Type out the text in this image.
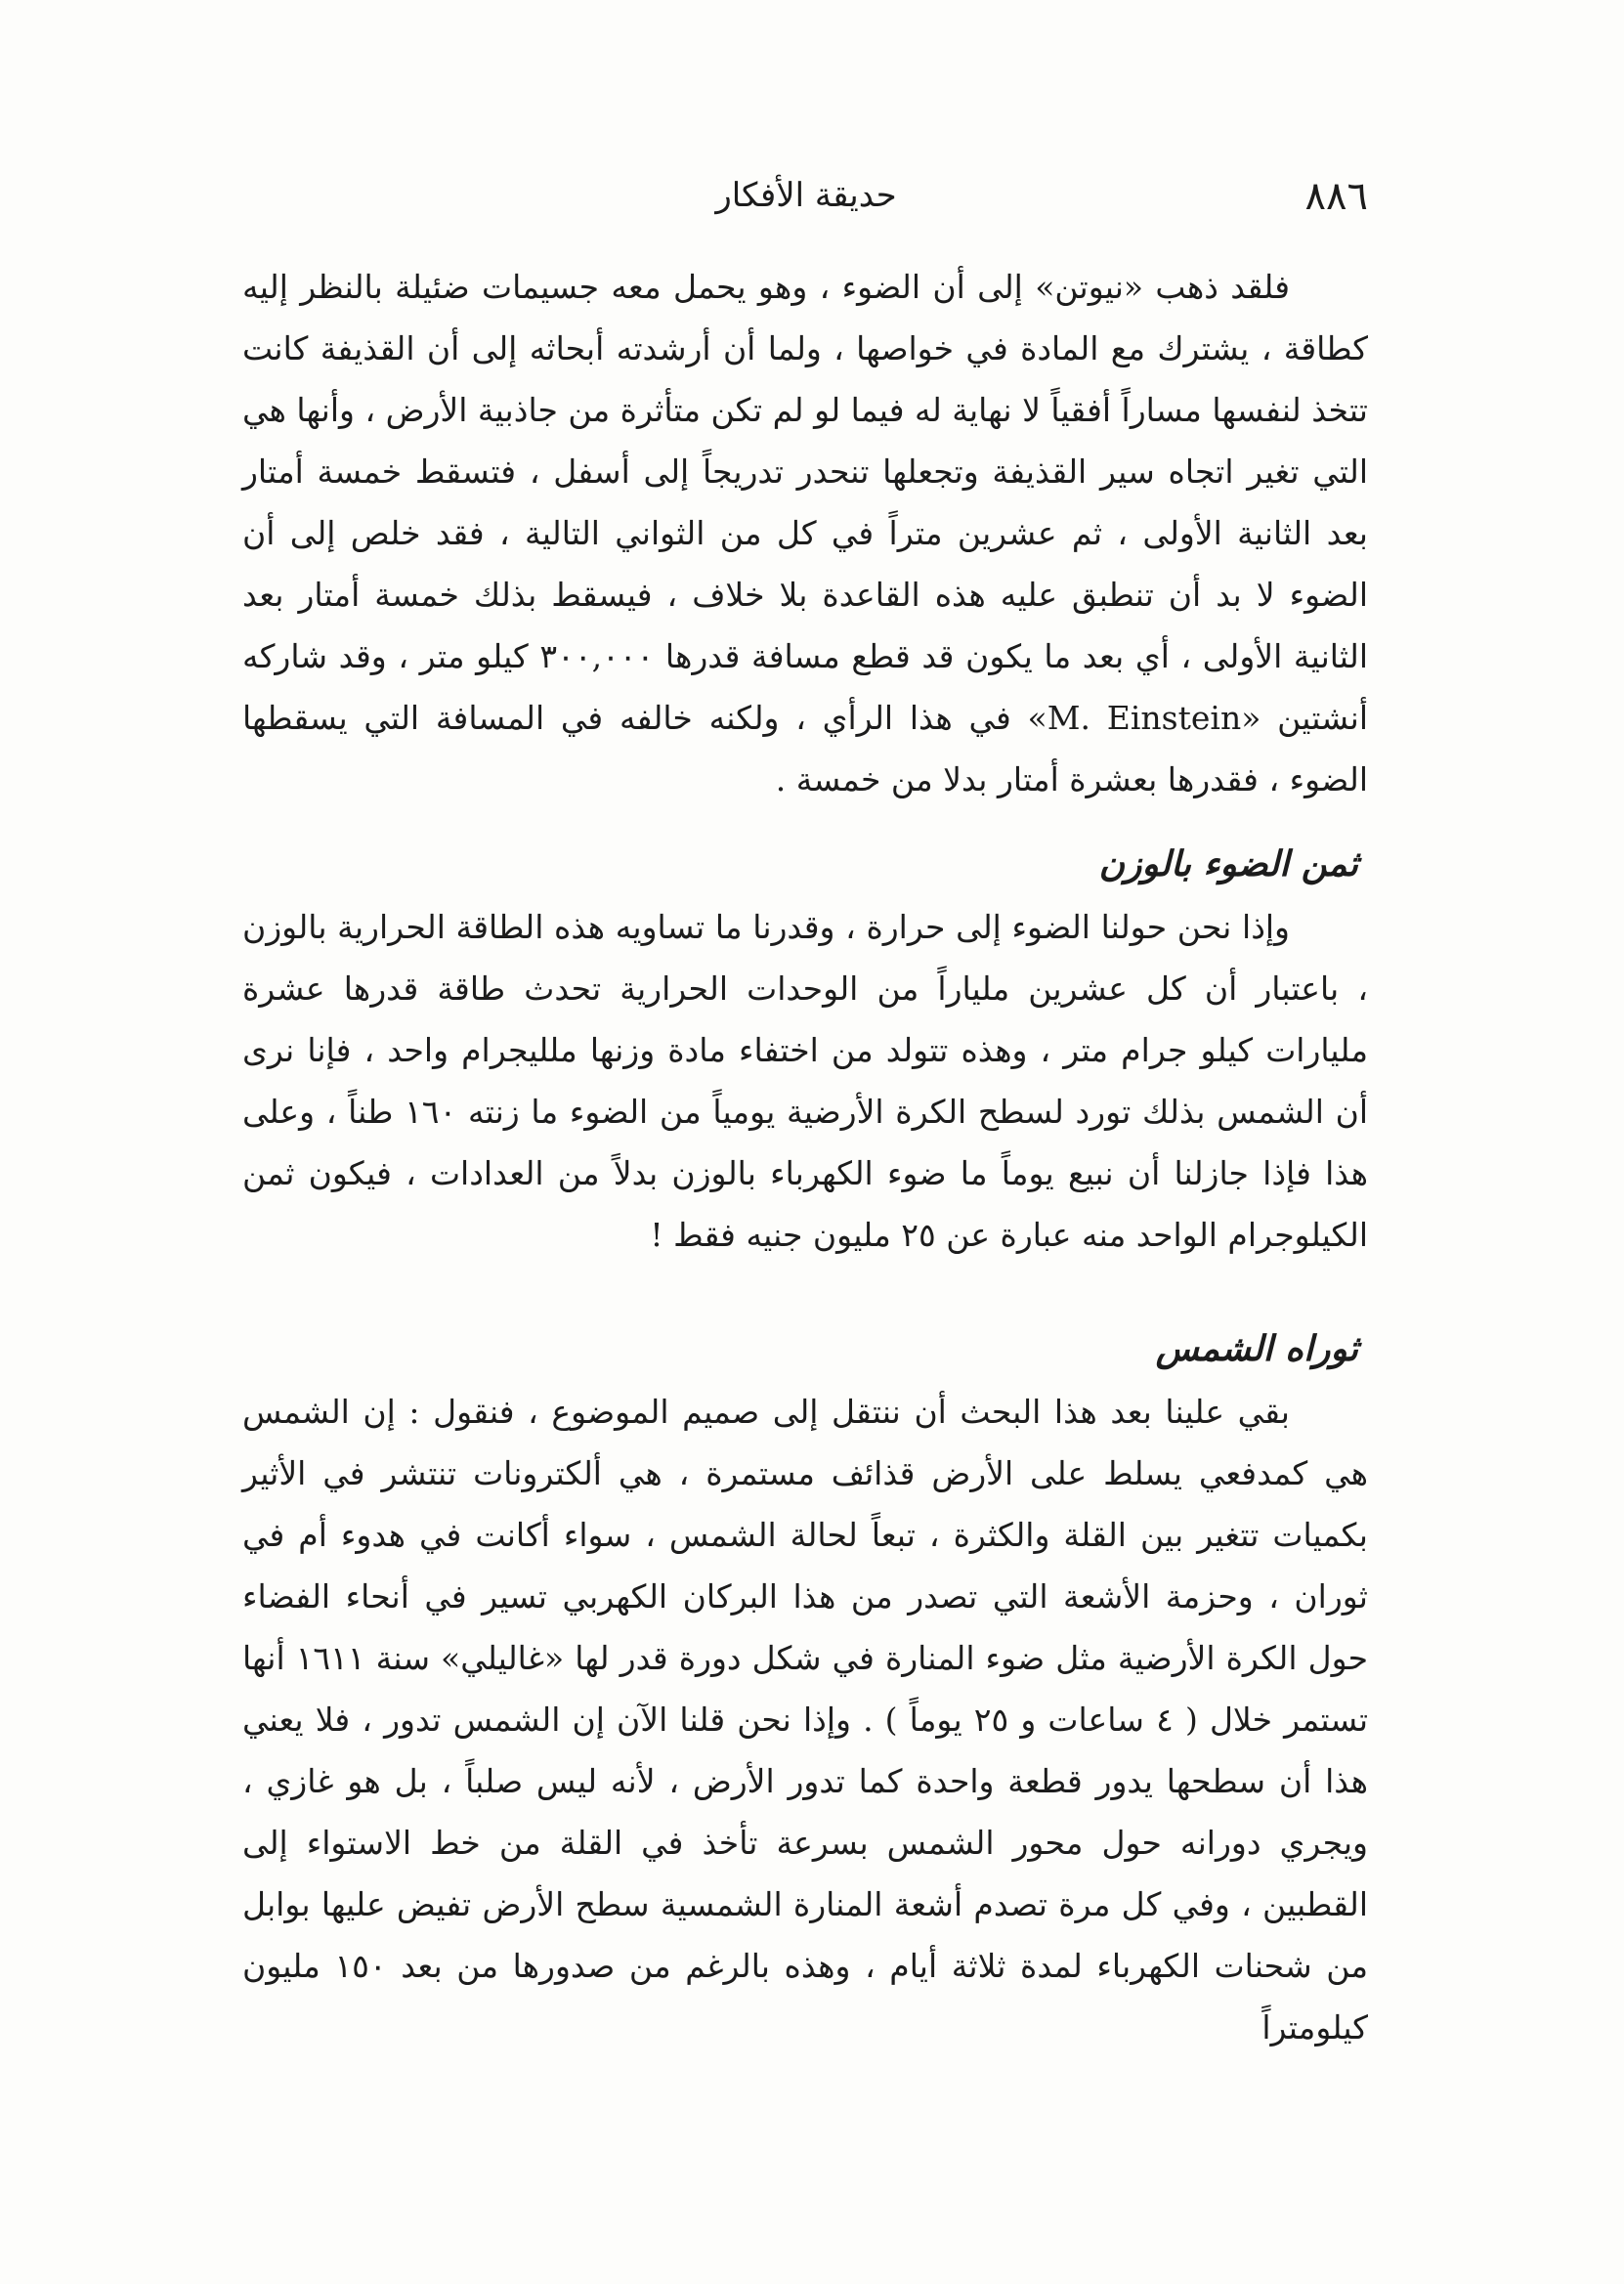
٨٨٦
حديقة الأفكار

فلقد ذهب «نيوتن» إلى أن الضوء ، وهو يحمل معه جسيمات ضئيلة بالنظر إليه كطاقة ، يشترك مع المادة في خواصها ، ولما أن أرشدته أبحاثه إلى أن القذيفة كانت تتخذ لنفسها مساراً أفقياً لا نهاية له فيما لو لم تكن متأثرة من جاذبية الأرض ، وأنها هي التي تغير اتجاه سير القذيفة وتجعلها تنحدر تدريجاً إلى أسفل ، فتسقط خمسة أمتار بعد الثانية الأولى ، ثم عشرين متراً في كل من الثواني التالية ، فقد خلص إلى أن الضوء لا بد أن تنطبق عليه هذه القاعدة بلا خلاف ، فيسقط بذلك خمسة أمتار بعد الثانية الأولى ، أي بعد ما يكون قد قطع مسافة قدرها ٣٠٠,٠٠٠ كيلو متر ، وقد شاركه أنشتين «M. Einstein» في هذا الرأي ، ولكنه خالفه في المسافة التي يسقطها الضوء ، فقدرها بعشرة أمتار بدلا من خمسة .

ثمن الضوء بالوزن

وإذا نحن حولنا الضوء إلى حرارة ، وقدرنا ما تساويه هذه الطاقة الحرارية بالوزن ، باعتبار أن كل عشرين ملياراً من الوحدات الحرارية تحدث طاقة قدرها عشرة مليارات كيلو جرام متر ، وهذه تتولد من اختفاء مادة وزنها ملليجرام واحد ، فإنا نرى أن الشمس بذلك تورد لسطح الكرة الأرضية يومياً من الضوء ما زنته ١٦٠ طناً ، وعلى هذا فإذا جازلنا أن نبيع يوماً ما ضوء الكهرباء بالوزن بدلاً من العدادات ، فيكون ثمن الكيلوجرام الواحد منه عبارة عن ٢٥ مليون جنيه فقط !

ثوراه الشمس

بقي علينا بعد هذا البحث أن ننتقل إلى صميم الموضوع ، فنقول : إن الشمس هي كمدفعي يسلط على الأرض قذائف مستمرة ، هي ألكترونات تنتشر في الأثير بكميات تتغير بين القلة والكثرة ، تبعاً لحالة الشمس ، سواء أكانت في هدوء أم في ثوران ، وحزمة الأشعة التي تصدر من هذا البركان الكهربي تسير في أنحاء الفضاء حول الكرة الأرضية مثل ضوء المنارة في شكل دورة قدر لها «غاليلي» سنة ١٦١١ أنها تستمر خلال ( ٤ ساعات و ٢٥ يوماً ) . وإذا نحن قلنا الآن إن الشمس تدور ، فلا يعني هذا أن سطحها يدور قطعة واحدة كما تدور الأرض ، لأنه ليس صلباً ، بل هو غازي ، ويجري دورانه حول محور الشمس بسرعة تأخذ في القلة من خط الاستواء إلى القطبين ، وفي كل مرة تصدم أشعة المنارة الشمسية سطح الأرض تفيض عليها بوابل من شحنات الكهرباء لمدة ثلاثة أيام ، وهذه بالرغم من صدورها من بعد ١٥٠ مليون كيلومتراً
